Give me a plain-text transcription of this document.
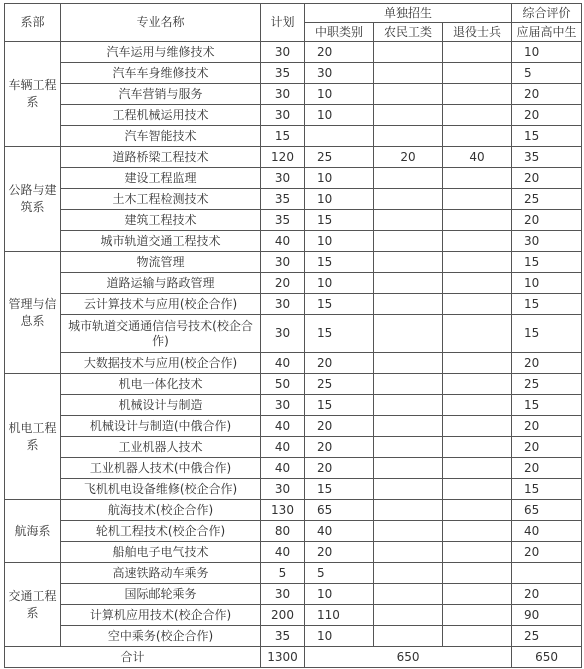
系部	专业名称	计划	单独招生			综合评价
			中职类别	农民工类	退役士兵	应届高中生
车辆工程系	汽车运用与维修技术	30	20			10
	汽车车身维修技术	35	30			5
	汽车营销与服务	30	10			20
	工程机械运用技术	30	10			20
	汽车智能技术	15				15
公路与建筑系	道路桥梁工程技术	120	25	20	40	35
	建设工程监理	30	10			20
	土木工程检测技术	35	10			25
	建筑工程技术	35	15			20
	城市轨道交通工程技术	40	10			30
管理与信息系	物流管理	30	15			15
	道路运输与路政管理	20	10			10
	云计算技术与应用(校企合作)	30	15			15
	城市轨道交通通信信号技术(校企合作)	30	15			15
	大数据技术与应用(校企合作)	40	20			20
机电工程系	机电一体化技术	50	25			25
	机械设计与制造	30	15			15
	机械设计与制造(中俄合作)	40	20			20
	工业机器人技术	40	20			20
	工业机器人技术(中俄合作)	40	20			20
	飞机机电设备维修(校企合作)	30	15			15
航海系	航海技术(校企合作)	130	65			65
	轮机工程技术(校企合作)	80	40			40
	船舶电子电气技术	40	20			20
交通工程系	高速铁路动车乘务	5	5			
	国际邮轮乘务	30	10			20
	计算机应用技术(校企合作)	200	110			90
	空中乘务(校企合作)	35	10			25
合计		1300	650			650
